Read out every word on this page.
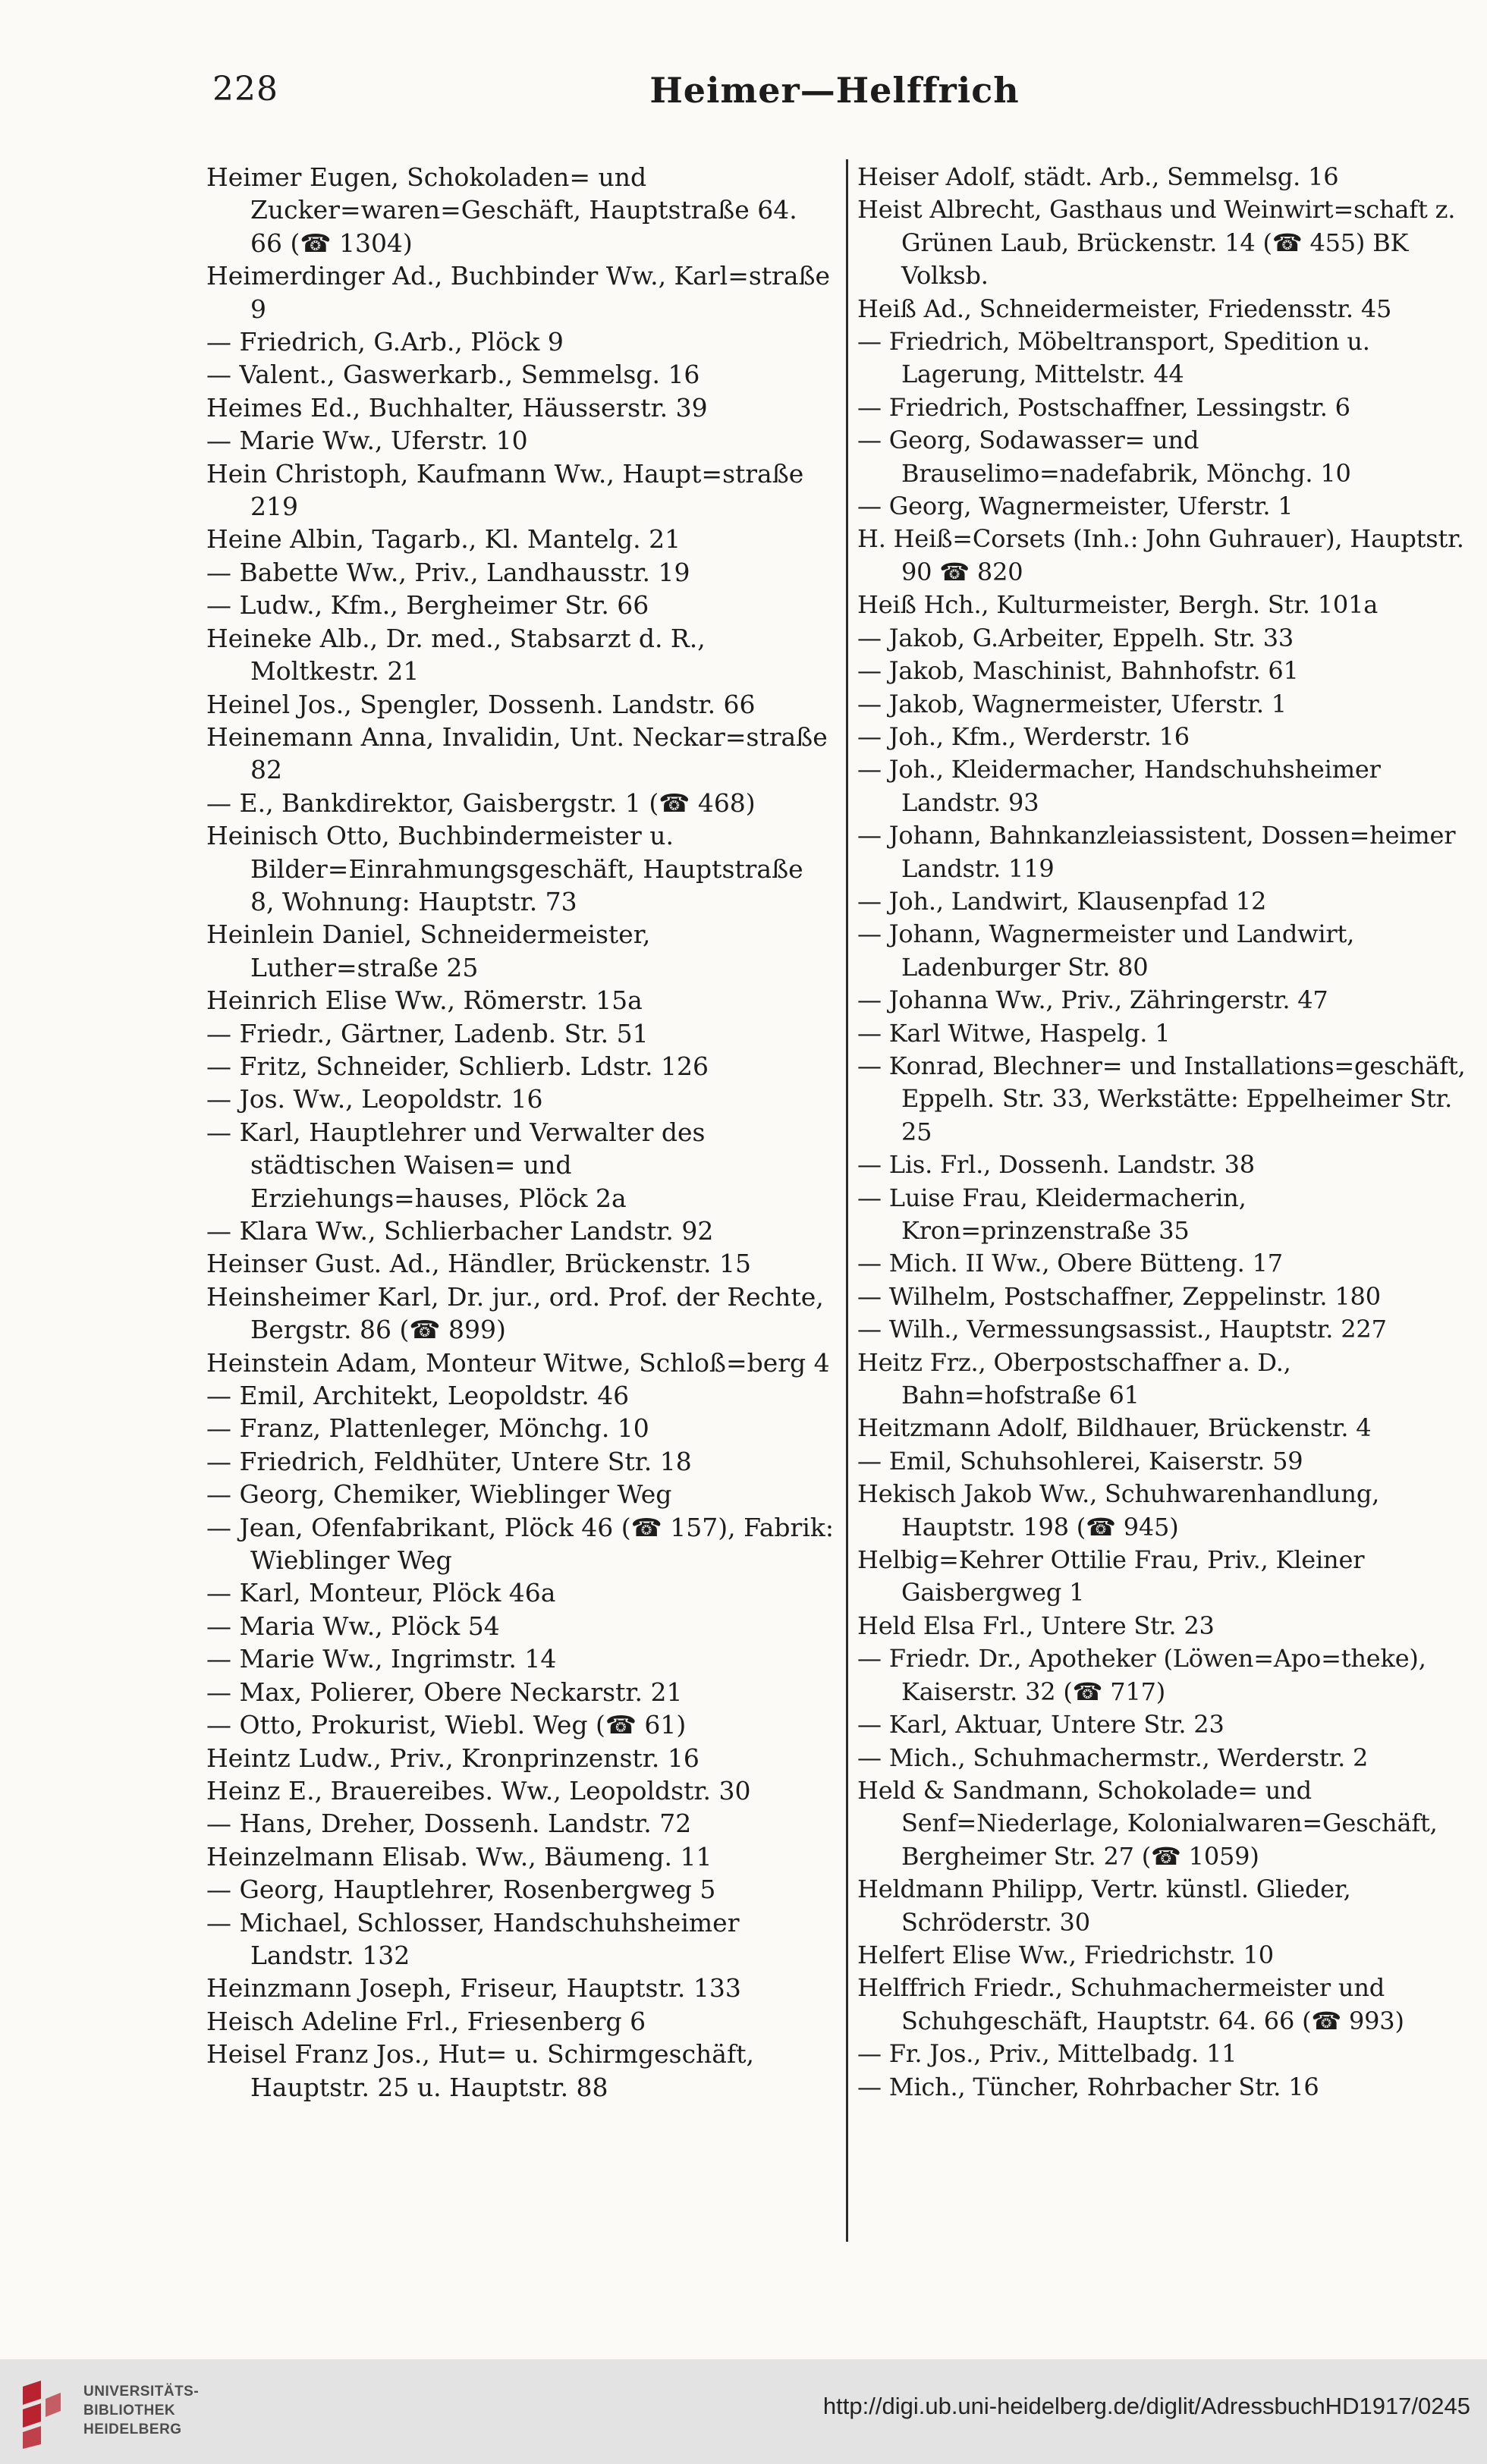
228	Heimer—Helffrich
Heimer Eugen, Schokoladen= und Zucker=waren=Geschäft, Hauptstraße 64. 66 (☎ 1304)
Heimerdinger Ad., Buchbinder Ww., Karl=straße 9
— Friedrich, G.Arb., Plöck 9
— Valent., Gaswerkarb., Semmelsg. 16
Heimes Ed., Buchhalter, Häusserstr. 39
— Marie Ww., Uferstr. 10
Hein Christoph, Kaufmann Ww., Haupt=straße 219
Heine Albin, Tagarb., Kl. Mantelg. 21
— Babette Ww., Priv., Landhausstr. 19
— Ludw., Kfm., Bergheimer Str. 66
Heineke Alb., Dr. med., Stabsarzt d. R., Moltkestr. 21
Heinel Jos., Spengler, Dossenh. Landstr. 66
Heinemann Anna, Invalidin, Unt. Neckar=straße 82
— E., Bankdirektor, Gaisbergstr. 1 (☎ 468)
Heinisch Otto, Buchbindermeister u. Bilder=Einrahmungsgeschäft, Hauptstraße 8, Wohnung: Hauptstr. 73
Heinlein Daniel, Schneidermeister, Luther=straße 25
Heinrich Elise Ww., Römerstr. 15a
— Friedr., Gärtner, Ladenb. Str. 51
— Fritz, Schneider, Schlierb. Ldstr. 126
— Jos. Ww., Leopoldstr. 16
— Karl, Hauptlehrer und Verwalter des städtischen Waisen= und Erziehungs=hauses, Plöck 2a
— Klara Ww., Schlierbacher Landstr. 92
Heinser Gust. Ad., Händler, Brückenstr. 15
Heinsheimer Karl, Dr. jur., ord. Prof. der Rechte, Bergstr. 86 (☎ 899)
Heinstein Adam, Monteur Witwe, Schloß=berg 4
— Emil, Architekt, Leopoldstr. 46
— Franz, Plattenleger, Mönchg. 10
— Friedrich, Feldhüter, Untere Str. 18
— Georg, Chemiker, Wieblinger Weg
— Jean, Ofenfabrikant, Plöck 46 (☎ 157), Fabrik: Wieblinger Weg
— Karl, Monteur, Plöck 46a
— Maria Ww., Plöck 54
— Marie Ww., Ingrimstr. 14
— Max, Polierer, Obere Neckarstr. 21
— Otto, Prokurist, Wiebl. Weg (☎ 61)
Heintz Ludw., Priv., Kronprinzenstr. 16
Heinz E., Brauereibes. Ww., Leopoldstr. 30
— Hans, Dreher, Dossenh. Landstr. 72
Heinzelmann Elisab. Ww., Bäumeng. 11
— Georg, Hauptlehrer, Rosenbergweg 5
— Michael, Schlosser, Handschuhsheimer Landstr. 132
Heinzmann Joseph, Friseur, Hauptstr. 133
Heisch Adeline Frl., Friesenberg 6
Heisel Franz Jos., Hut= u. Schirmgeschäft, Hauptstr. 25 u. Hauptstr. 88
Heiser Adolf, städt. Arb., Semmelsg. 16
Heist Albrecht, Gasthaus und Weinwirt=schaft z. Grünen Laub, Brückenstr. 14 (☎ 455) BK Volksb.
Heiß Ad., Schneidermeister, Friedensstr. 45
— Friedrich, Möbeltransport, Spedition u. Lagerung, Mittelstr. 44
— Friedrich, Postschaffner, Lessingstr. 6
— Georg, Sodawasser= und Brauselimo=nadefabrik, Mönchg. 10
— Georg, Wagnermeister, Uferstr. 1
H. Heiß=Corsets (Inh.: John Guhrauer), Hauptstr. 90 ☎ 820
Heiß Hch., Kulturmeister, Bergh. Str. 101a
— Jakob, G.Arbeiter, Eppelh. Str. 33
— Jakob, Maschinist, Bahnhofstr. 61
— Jakob, Wagnermeister, Uferstr. 1
— Joh., Kfm., Werderstr. 16
— Joh., Kleidermacher, Handschuhsheimer Landstr. 93
— Johann, Bahnkanzleiassistent, Dossen=heimer Landstr. 119
— Joh., Landwirt, Klausenpfad 12
— Johann, Wagnermeister und Landwirt, Ladenburger Str. 80
— Johanna Ww., Priv., Zähringerstr. 47
— Karl Witwe, Haspelg. 1
— Konrad, Blechner= und Installations=geschäft, Eppelh. Str. 33, Werkstätte: Eppelheimer Str. 25
— Lis. Frl., Dossenh. Landstr. 38
— Luise Frau, Kleidermacherin, Kron=prinzenstraße 35
— Mich. II Ww., Obere Bütteng. 17
— Wilhelm, Postschaffner, Zeppelinstr. 180
— Wilh., Vermessungsassist., Hauptstr. 227
Heitz Frz., Oberpostschaffner a. D., Bahn=hofstraße 61
Heitzmann Adolf, Bildhauer, Brückenstr. 4
— Emil, Schuhsohlerei, Kaiserstr. 59
Hekisch Jakob Ww., Schuhwarenhandlung, Hauptstr. 198 (☎ 945)
Helbig=Kehrer Ottilie Frau, Priv., Kleiner Gaisbergweg 1
Held Elsa Frl., Untere Str. 23
— Friedr. Dr., Apotheker (Löwen=Apo=theke), Kaiserstr. 32 (☎ 717)
— Karl, Aktuar, Untere Str. 23
— Mich., Schuhmachermstr., Werderstr. 2
Held & Sandmann, Schokolade= und Senf=Niederlage, Kolonialwaren=Geschäft, Bergheimer Str. 27 (☎ 1059)
Heldmann Philipp, Vertr. künstl. Glieder, Schröderstr. 30
Helfert Elise Ww., Friedrichstr. 10
Helffrich Friedr., Schuhmachermeister und Schuhgeschäft, Hauptstr. 64. 66 (☎ 993)
— Fr. Jos., Priv., Mittelbadg. 11
— Mich., Tüncher, Rohrbacher Str. 16
UNIVERSITÄTS-
BIBLIOTHEK
HEIDELBERG
http://digi.ub.uni-heidelberg.de/diglit/AdressbuchHD1917/0245
